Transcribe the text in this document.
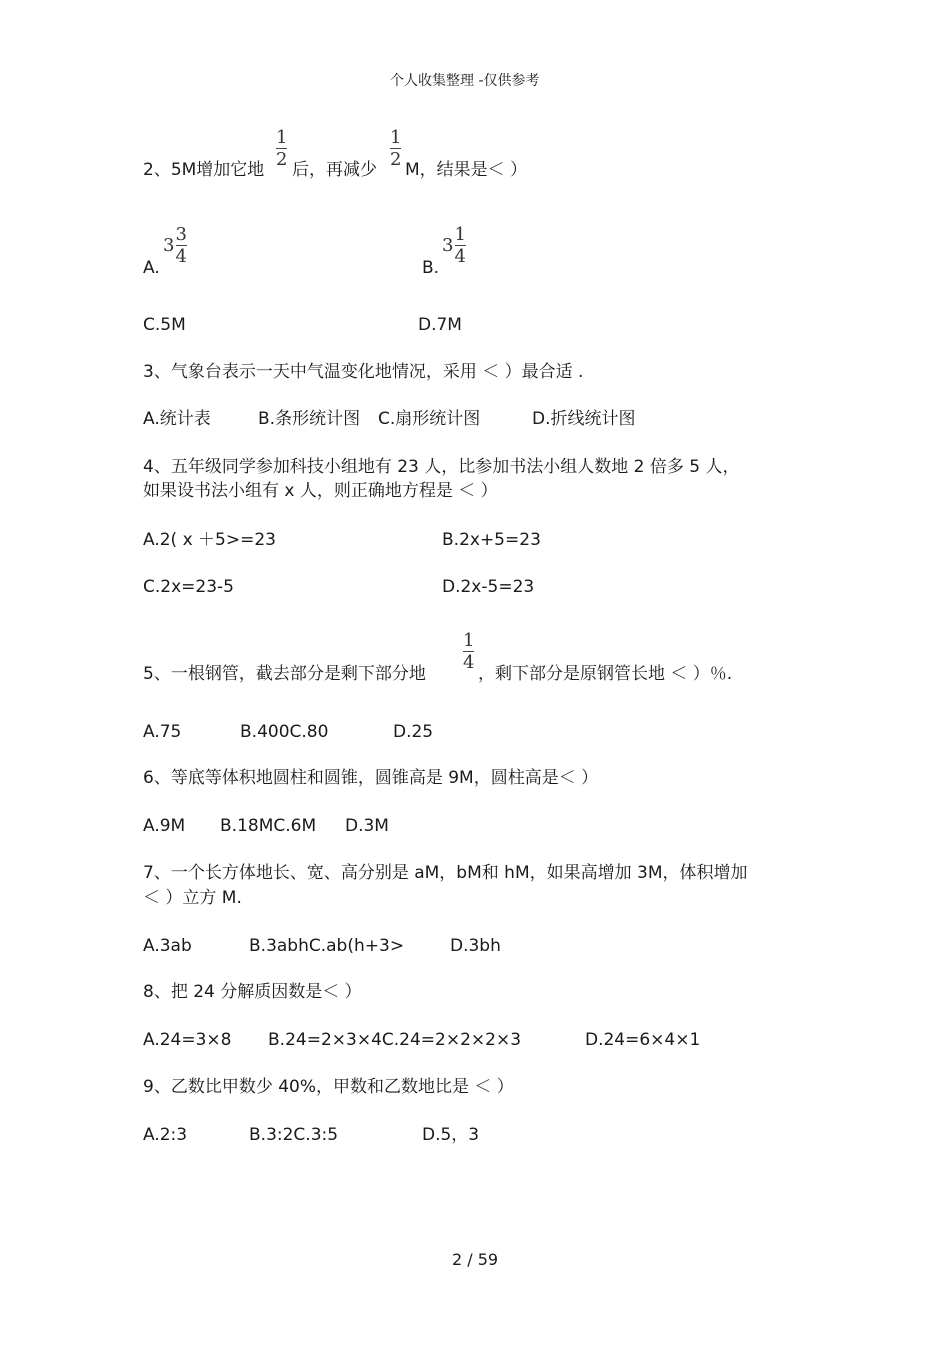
个人收集整理 -仅供参考
2、5M增加它地
1
2 后，再减少
1
2 M，结果是＜ ）
A.
$3 \frac{3}{4}$
B.
$3 \frac{1}{4}$
C.5M	D.7M
3、气象台表示一天中气温变化地情况，采用 ＜ ）最合适 .
A.统计表	B.条形统计图 C.扇形统计图	D.折线统计图
4、五年级同学参加科技小组地有 23 人，比参加书法小组人数地 2 倍多 5 人，
如果设书法小组有 x 人，则正确地方程是 ＜ ）
A.2( x ＋5>=23	B.2x+5=23
C.2x=23-5	D.2x-5=23
5、一根钢管，截去部分是剩下部分地
1
4
，剩下部分是原钢管长地 ＜ ）％.
A.75	B.400C.80	D.25
6、等底等体积地圆柱和圆锥，圆锥高是 9M，圆柱高是＜ ）
A.9M B.18MC.6M D.3M
7、一个长方体地长、宽、高分别是 aM，bM和 hM，如果高增加 3M，体积增加
＜ ）立方 M.
A.3ab	B.3abhC.ab(h+3>	D.3bh
8、把 24 分解质因数是＜ ）
A.24=3×8 B.24=2×3×4C.24=2×2×2×3	D.24=6×4×1
9、乙数比甲数少 40%，甲数和乙数地比是 ＜ ）
A.2:3	B.3:2C.3:5	D.5，3
2 / 59
